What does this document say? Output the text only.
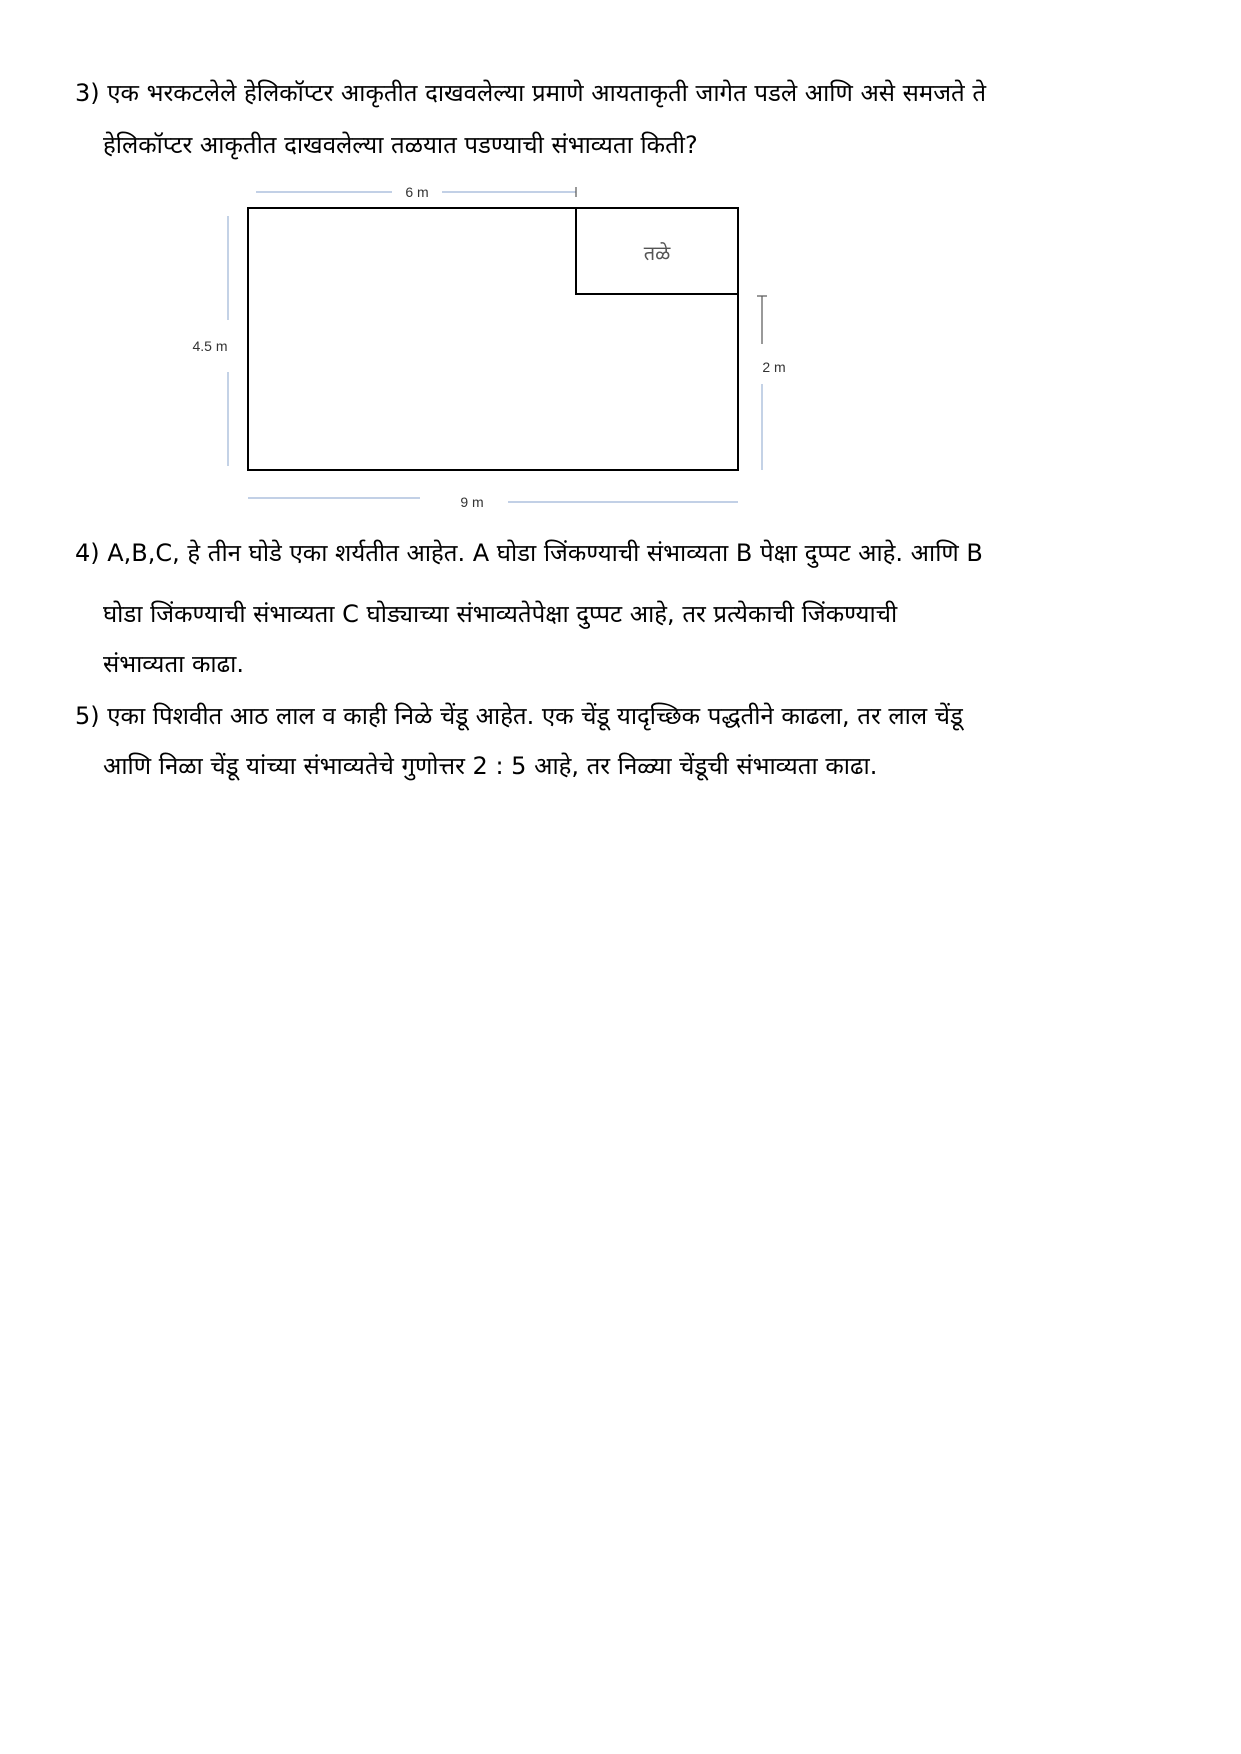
3) एक भरकटलेले हेलिकॉप्टर आकृतीत दाखवलेल्या प्रमाणे आयताकृती जागेत पडले आणि असे समजते ते
हेलिकॉप्टर आकृतीत दाखवलेल्या तळयात पडण्याची संभाव्यता किती?
6 m
4.5 m
तळे
2 m
9 m
4) A,B,C, हे तीन घोडे एका शर्यतीत आहेत. A घोडा जिंकण्याची संभाव्यता B पेक्षा दुप्पट आहे. आणि B
घोडा जिंकण्याची संभाव्यता C घोड्याच्या संभाव्यतेपेक्षा दुप्पट आहे, तर प्रत्येकाची जिंकण्याची
संभाव्यता काढा.
5) एका पिशवीत आठ लाल व काही निळे चेंडू आहेत. एक चेंडू यादृच्छिक पद्धतीने काढला, तर लाल चेंडू
आणि निळा चेंडू यांच्या संभाव्यतेचे गुणोत्तर 2 : 5 आहे, तर निळ्या चेंडूची संभाव्यता काढा.
